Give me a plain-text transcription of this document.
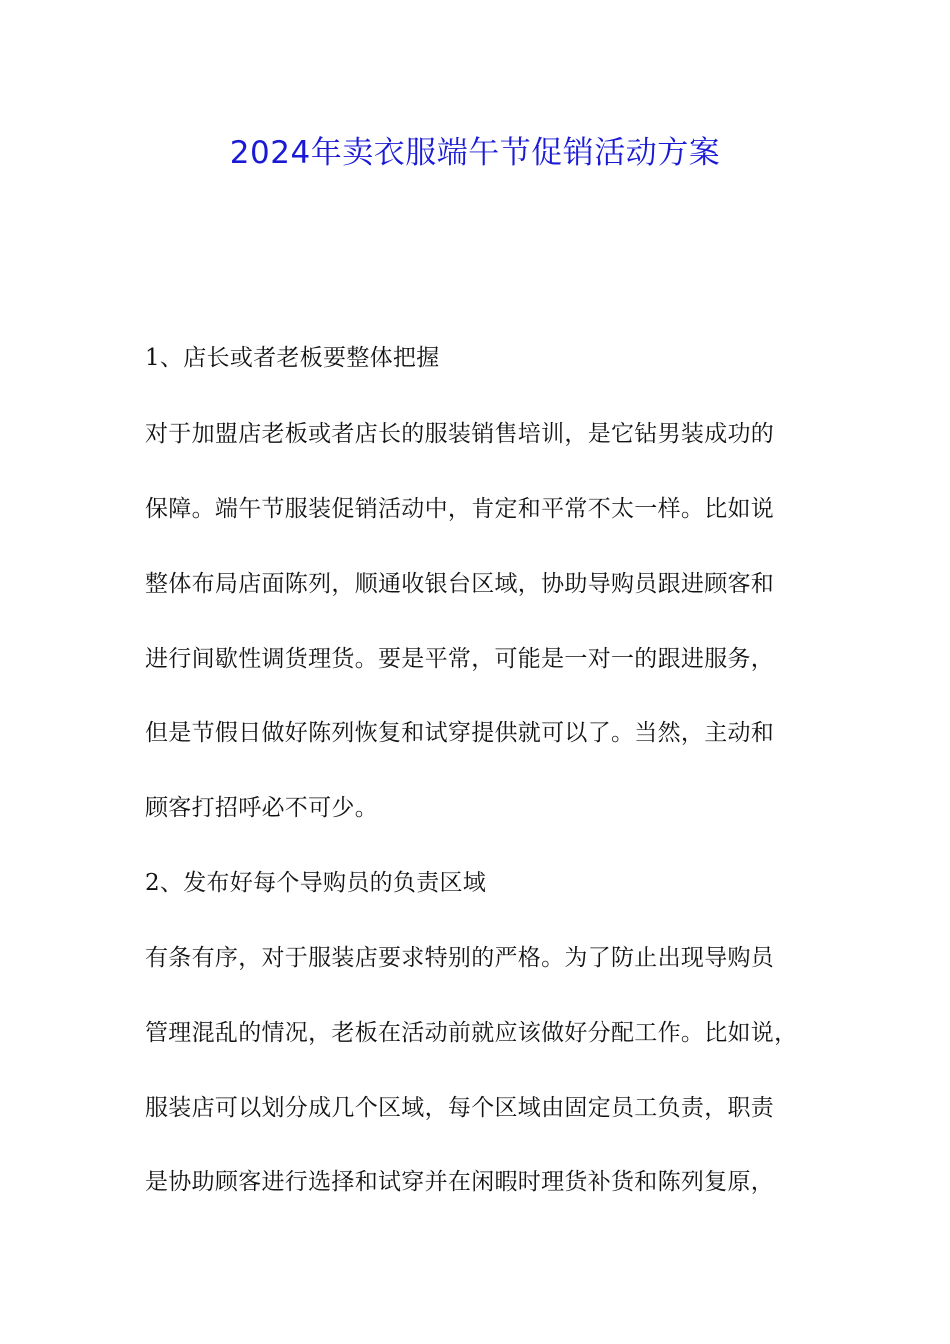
2024年卖衣服端午节促销活动方案
1、店长或者老板要整体把握
对于加盟店老板或者店长的服装销售培训，是它钻男装成功的
保障。端午节服装促销活动中，肯定和平常不太一样。比如说
整体布局店面陈列，顺通收银台区域，协助导购员跟进顾客和
进行间歇性调货理货。要是平常，可能是一对一的跟进服务，
但是节假日做好陈列恢复和试穿提供就可以了。当然，主动和
顾客打招呼必不可少。
2、发布好每个导购员的负责区域
有条有序，对于服装店要求特别的严格。为了防止出现导购员
管理混乱的情况，老板在活动前就应该做好分配工作。比如说，
服装店可以划分成几个区域，每个区域由固定员工负责，职责
是协助顾客进行选择和试穿并在闲暇时理货补货和陈列复原，
